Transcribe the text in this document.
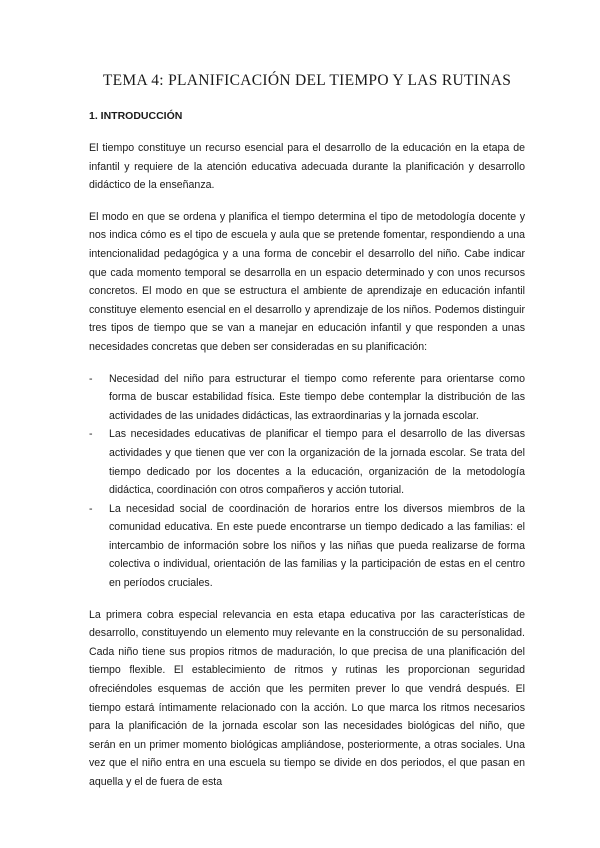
TEMA 4: PLANIFICACIÓN DEL TIEMPO Y LAS RUTINAS
1. INTRODUCCIÓN

El tiempo constituye un recurso esencial para el desarrollo de la educación en la etapa de infantil y requiere de la atención educativa adecuada durante la planificación y desarrollo didáctico de la enseñanza.

El modo en que se ordena y planifica el tiempo determina el tipo de metodología docente y nos indica cómo es el tipo de escuela y aula que se pretende fomentar, respondiendo a una intencionalidad pedagógica y a una forma de concebir el desarrollo del niño. Cabe indicar que cada momento temporal se desarrolla en un espacio determinado y con unos recursos concretos. El modo en que se estructura el ambiente de aprendizaje en educación infantil constituye elemento esencial en el desarrollo y aprendizaje de los niños. Podemos distinguir tres tipos de tiempo que se van a manejar en educación infantil y que responden a unas necesidades concretas que deben ser consideradas en su planificación:

- Necesidad del niño para estructurar el tiempo como referente para orientarse como forma de buscar estabilidad física. Este tiempo debe contemplar la distribución de las actividades de las unidades didácticas, las extraordinarias y la jornada escolar.
- Las necesidades educativas de planificar el tiempo para el desarrollo de las diversas actividades y que tienen que ver con la organización de la jornada escolar. Se trata del tiempo dedicado por los docentes a la educación, organización de la metodología didáctica, coordinación con otros compañeros y acción tutorial.
- La necesidad social de coordinación de horarios entre los diversos miembros de la comunidad educativa. En este puede encontrarse un tiempo dedicado a las familias: el intercambio de información sobre los niños y las niñas que pueda realizarse de forma colectiva o individual, orientación de las familias y la participación de estas en el centro en períodos cruciales.

La primera cobra especial relevancia en esta etapa educativa por las características de desarrollo, constituyendo un elemento muy relevante en la construcción de su personalidad. Cada niño tiene sus propios ritmos de maduración, lo que precisa de una planificación del tiempo flexible. El establecimiento de ritmos y rutinas les proporcionan seguridad ofreciéndoles esquemas de acción que les permiten prever lo que vendrá después. El tiempo estará íntimamente relacionado con la acción. Lo que marca los ritmos necesarios para la planificación de la jornada escolar son las necesidades biológicas del niño, que serán en un primer momento biológicas ampliándose, posteriormente, a otras sociales. Una vez que el niño entra en una escuela su tiempo se divide en dos periodos, el que pasan en aquella y el de fuera de esta
